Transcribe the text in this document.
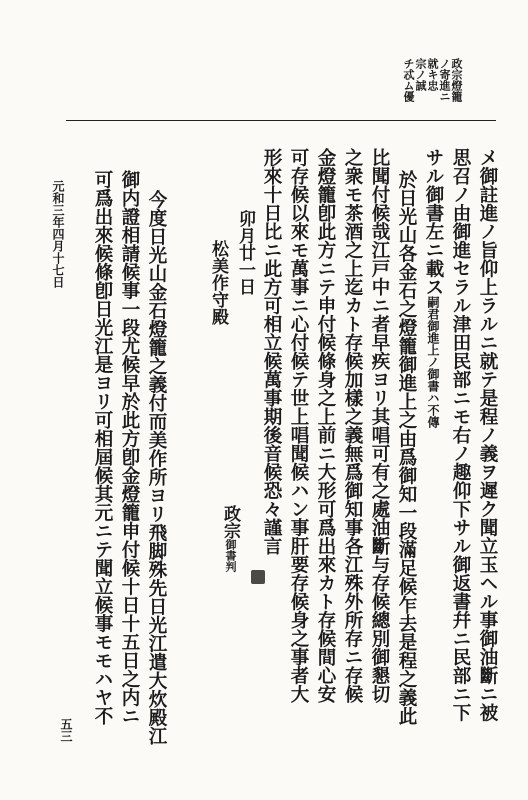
政宗燈籠
ノ寄進ニ
就キ忠
宗ノ誠
チ忒ム優
メ御註進ノ旨仰上ラルニ就テ是程ノ義ヲ遲ク聞立玉ヘル事御油斷ニ被
思召ノ由御進セラル津田民部ニモ右ノ趣仰下サル御返書幷ニ民部ニ下
サル御書左ニ載ス嗣君御進上ノ御書ハ不傳
於日光山各金石之燈籠御進上之由爲御知一段滿足候乍去是程之義此
比聞付候哉江戸中ニ者早疾ヨリ其唱可有之處油斷与存候總別御懇切
之衆モ茶酒之上迄カト存候加樣之義無爲御知事各江殊外所存ニ存候
金燈籠卽此方ニテ申付候條身之上前ニ大形可爲出來カト存候間心安
可存候以來モ萬事ニ心付候テ世上唱聞候ハン事肝要存候身之事者大
形來十日比ニ此方可相立候萬事期後音候恐々謹言
卯月廿一日
松美作守殿
政宗御書判
今度日光山金石燈籠之義付而美作所ヨリ飛脚殊先日光江遣大炊殿江
御内證相請候事一段尤候早於此方卽金燈籠申付候十日十五日之内ニ
可爲出來候條卽日光江是ヨリ可相屆候其元ニテ聞立候事モモハヤ不
元和三年四月十七日
五三
